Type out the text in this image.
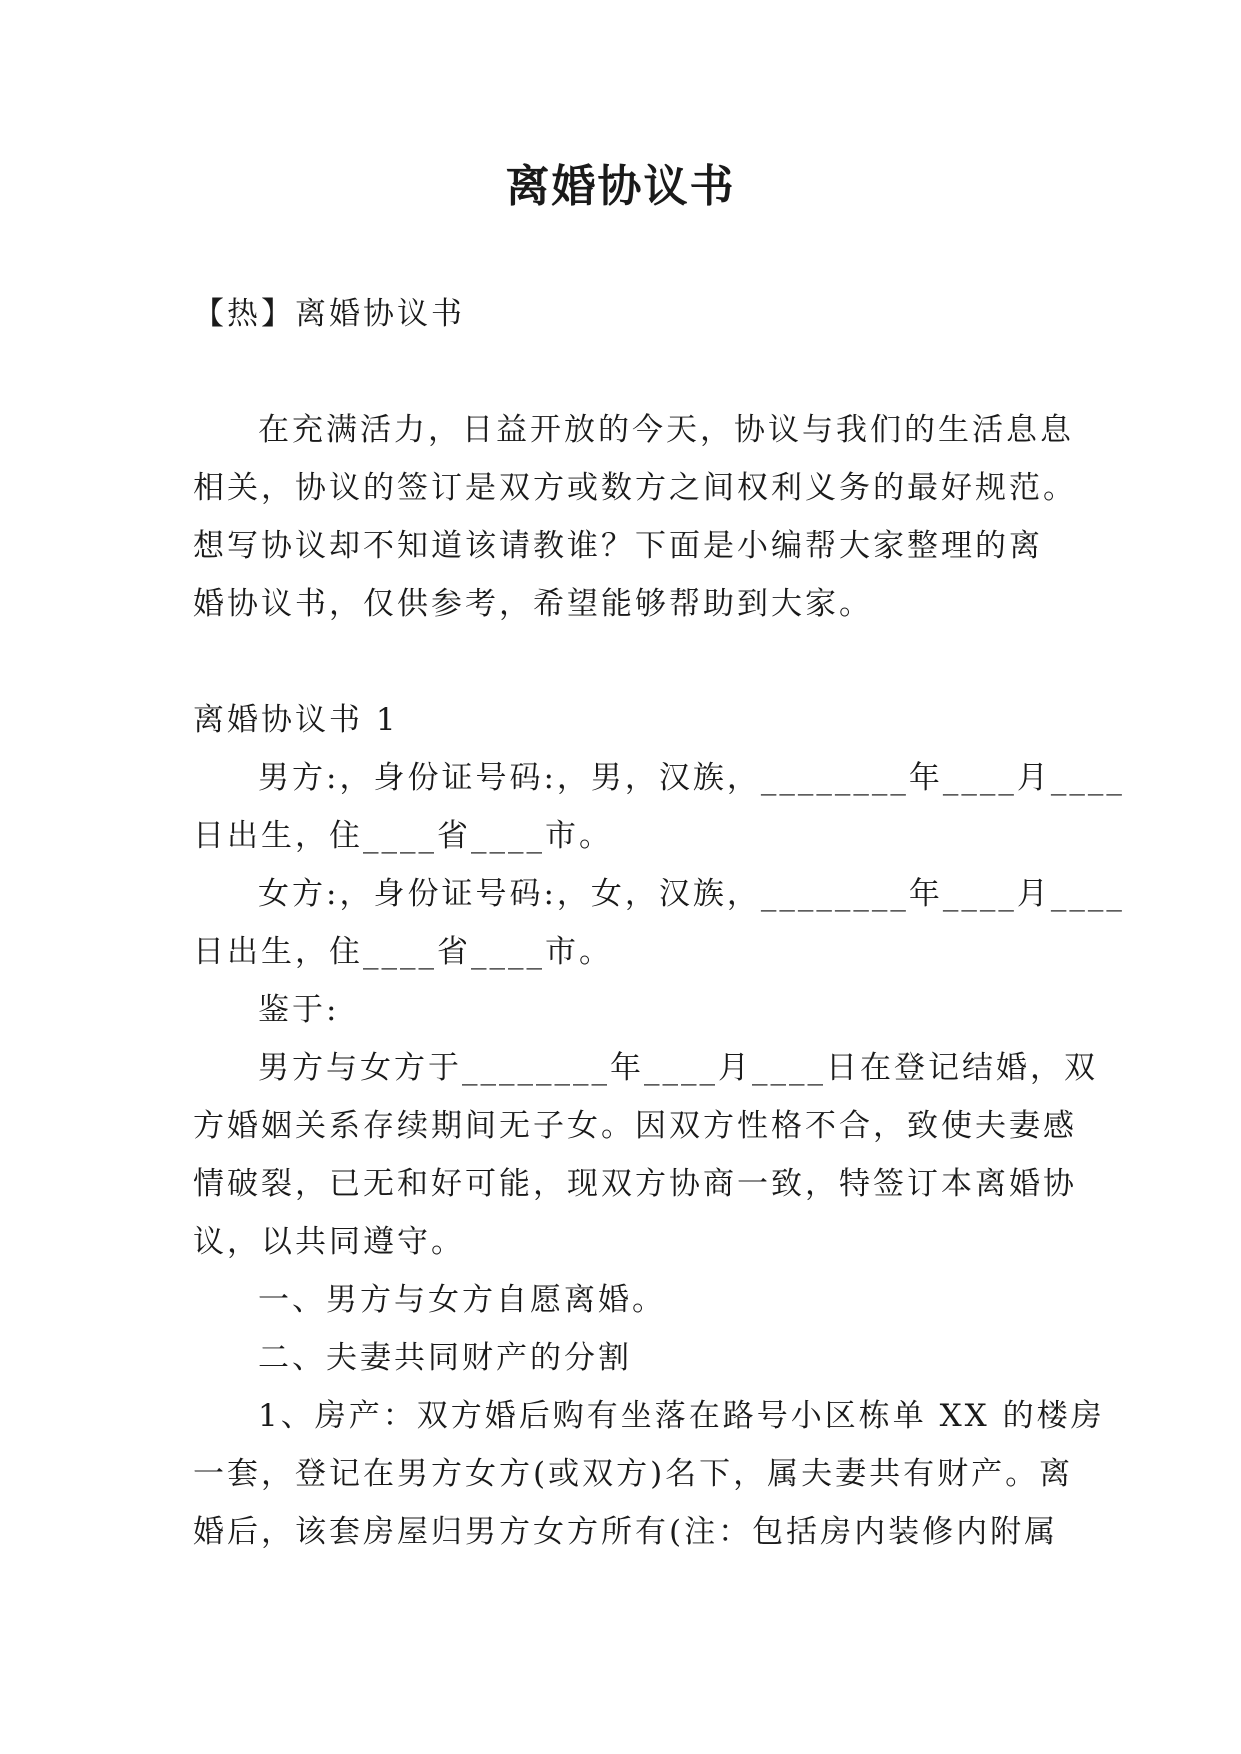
离婚协议书
【热】离婚协议书
在充满活力，日益开放的今天，协议与我们的生活息息
相关，协议的签订是双方或数方之间权利义务的最好规范。
想写协议却不知道该请教谁？下面是小编帮大家整理的离
婚协议书，仅供参考，希望能够帮助到大家。
离婚协议书 1
男方:，身份证号码:，男，汉族，________年____月____
日出生，住____省____市。
女方:，身份证号码:，女，汉族，________年____月____
日出生，住____省____市。
鉴于:
男方与女方于________年____月____日在登记结婚，双
方婚姻关系存续期间无子女。因双方性格不合，致使夫妻感
情破裂，已无和好可能，现双方协商一致，特签订本离婚协
议，以共同遵守。
一、男方与女方自愿离婚。
二、夫妻共同财产的分割
1、房产：双方婚后购有坐落在路号小区栋单 XX 的楼房
一套，登记在男方女方(或双方)名下，属夫妻共有财产。离
婚后，该套房屋归男方女方所有(注：包括房内装修内附属
